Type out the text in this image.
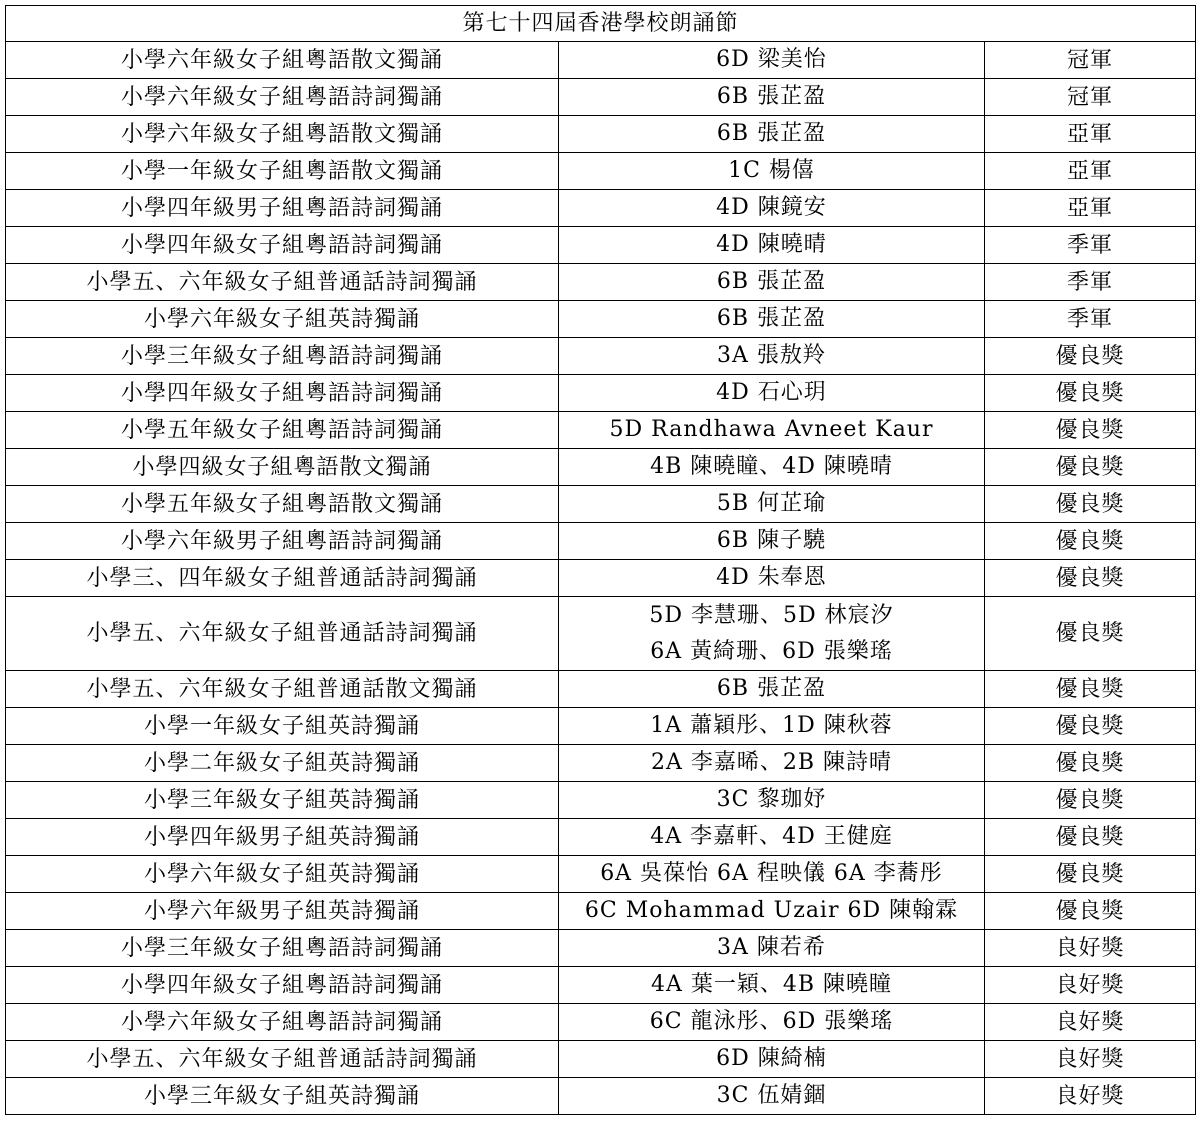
第七十四屆香港學校朗誦節		
小學六年級女子組粵語散文獨誦	6D 梁美怡	冠軍
小學六年級女子組粵語詩詞獨誦	6B 張芷盈	冠軍
小學六年級女子組粵語散文獨誦	6B 張芷盈	亞軍
小學一年級女子組粵語散文獨誦	1C 楊僖	亞軍
小學四年級男子組粵語詩詞獨誦	4D 陳鏡安	亞軍
小學四年級女子組粵語詩詞獨誦	4D 陳曉晴	季軍
小學五、六年級女子組普通話詩詞獨誦	6B 張芷盈	季軍
小學六年級女子組英詩獨誦	6B 張芷盈	季軍
小學三年級女子組粵語詩詞獨誦	3A 張敖羚	優良獎
小學四年級女子組粵語詩詞獨誦	4D 石心玥	優良獎
小學五年級女子組粵語詩詞獨誦	5D Randhawa Avneet Kaur	優良獎
小學四級女子組粵語散文獨誦	4B 陳曉瞳、4D 陳曉晴	優良獎
小學五年級女子組粵語散文獨誦	5B 何芷瑜	優良獎
小學六年級男子組粵語詩詞獨誦	6B 陳子驍	優良獎
小學三、四年級女子組普通話詩詞獨誦	4D 朱奉恩	優良獎
小學五、六年級女子組普通話詩詞獨誦	5D 李慧珊、5D 林宸汐
6A 黃綺珊、6D 張樂瑤	優良獎
小學五、六年級女子組普通話散文獨誦	6B 張芷盈	優良獎
小學一年級女子組英詩獨誦	1A 蕭穎彤、1D 陳秋蓉	優良獎
小學二年級女子組英詩獨誦	2A 李嘉晞、2B 陳詩晴	優良獎
小學三年級女子組英詩獨誦	3C 黎珈妤	優良獎
小學四年級男子組英詩獨誦	4A 李嘉軒、4D 王健庭	優良獎
小學六年級女子組英詩獨誦	6A 吳葆怡 6A 程映儀 6A 李蕎彤	優良獎
小學六年級男子組英詩獨誦	6C Mohammad Uzair 6D 陳翰霖	優良獎
小學三年級女子組粵語詩詞獨誦	3A 陳若希	良好獎
小學四年級女子組粵語詩詞獨誦	4A 葉一穎、4B 陳曉瞳	良好獎
小學六年級女子組粵語詩詞獨誦	6C 龍泳彤、6D 張樂瑤	良好獎
小學五、六年級女子組普通話詩詞獨誦	6D 陳綺楠	良好獎
小學三年級女子組英詩獨誦	3C 伍婧錮	良好獎
